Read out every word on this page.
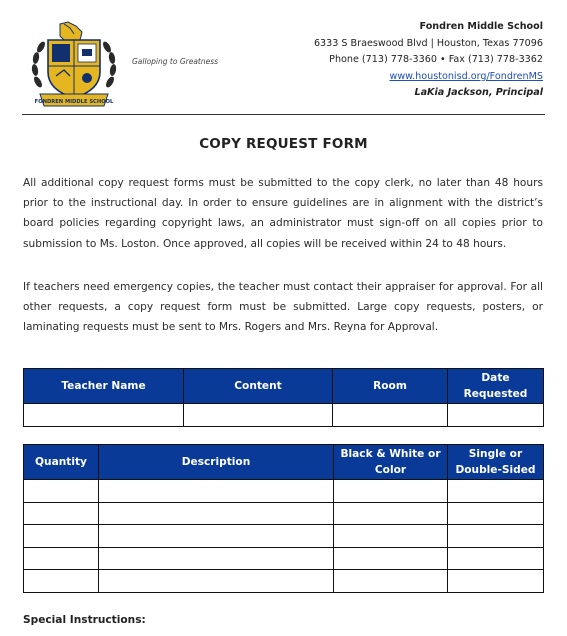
FONDREN MIDDLE SCHOOL
Galloping to Greatness
Fondren Middle School
6333 S Braeswood Blvd | Houston, Texas 77096
Phone (713) 778-3360 • Fax (713) 778-3362
www.houstonisd.org/FondrenMS
LaKia Jackson, Principal
COPY REQUEST FORM
All additional copy request forms must be submitted to the copy clerk, no later than 48 hours prior to the instructional day. In order to ensure guidelines are in alignment with the district’s board policies regarding copyright laws, an administrator must sign-off on all copies prior to submission to Ms. Loston. Once approved, all copies will be received within 24 to 48 hours.
If teachers need emergency copies, the teacher must contact their appraiser for approval. For all other requests, a copy request form must be submitted. Large copy requests, posters, or laminating requests must be sent to Mrs. Rogers and Mrs. Reyna for Approval.
Teacher Name	Content	Room	Date Requested

Quantity	Description	Black & White or Color	Single or Double-Sided

Special Instructions:
